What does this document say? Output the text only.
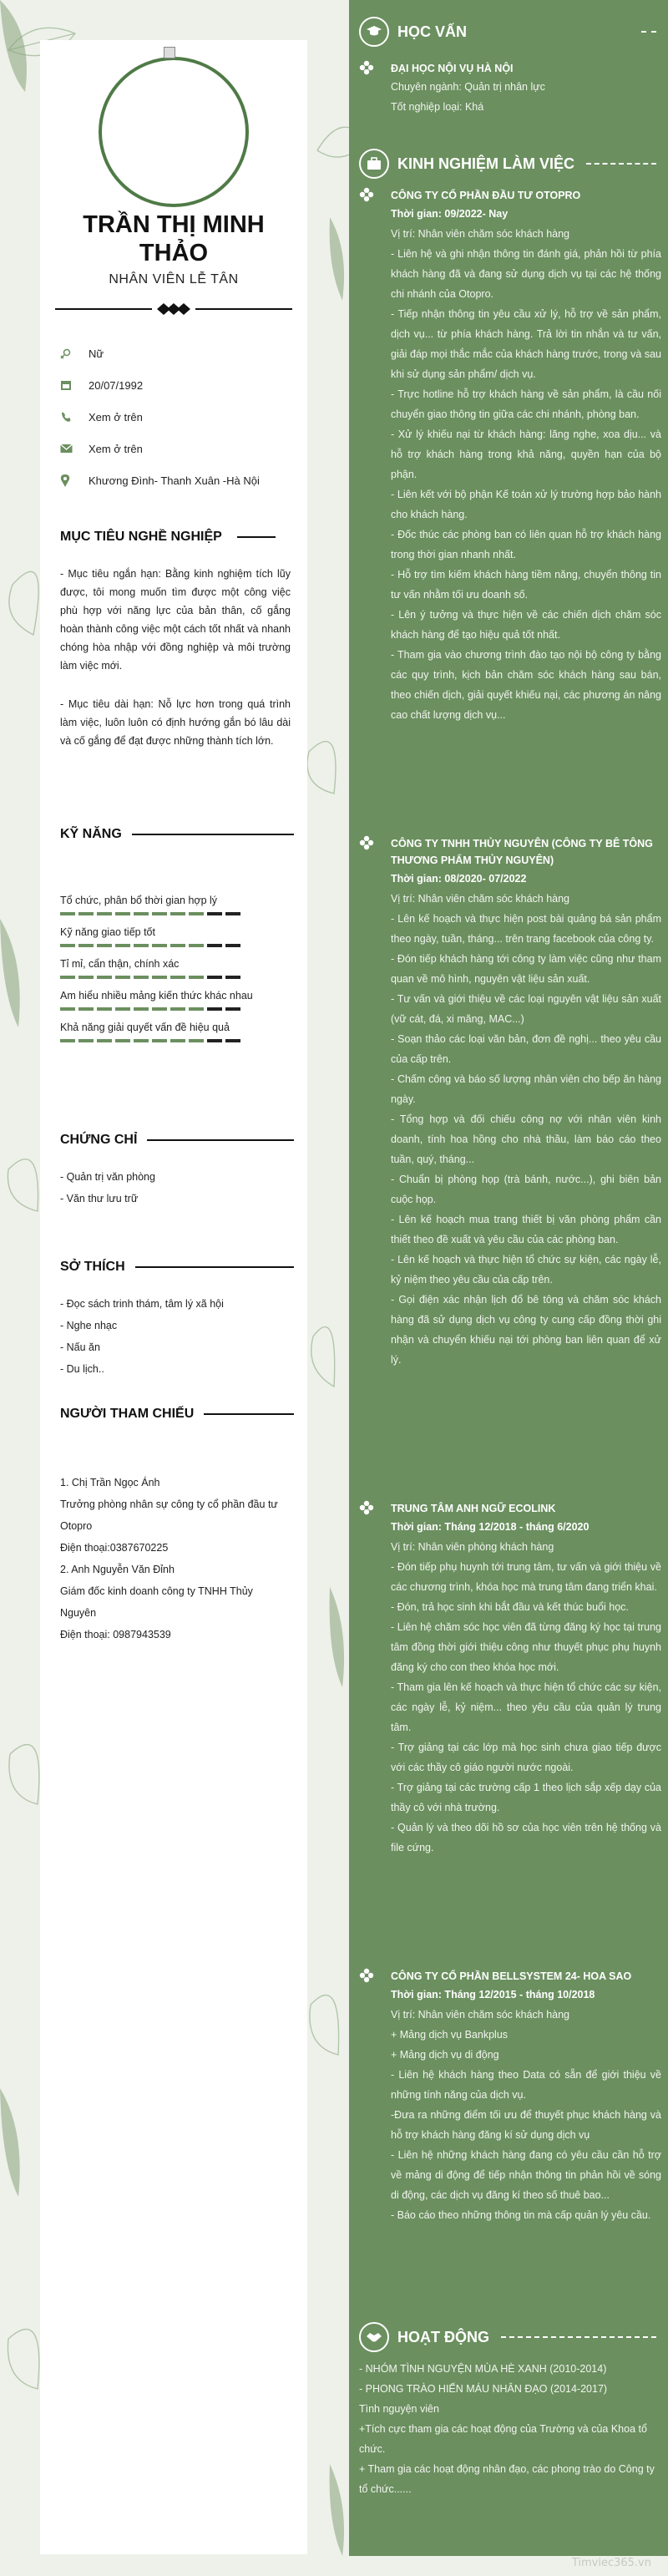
TRẦN THỊ MINH
THẢO
NHÂN VIÊN LỄ TÂN
Nữ
20/07/1992
Xem ở trên
Xem ở trên
Khương Đình- Thanh Xuân -Hà Nội
MỤC TIÊU NGHỀ NGHIỆP
- Mục tiêu ngắn hạn: Bằng kinh nghiệm tích lũy được, tôi mong muốn tìm được một công việc phù hợp với năng lực của bản thân, cố gắng hoàn thành công việc một cách tốt nhất và nhanh chóng hòa nhập với đồng nghiệp và môi trường làm việc mới.
- Mục tiêu dài hạn: Nỗ lực hơn trong quá trình làm việc, luôn luôn có định hướng gắn bó lâu dài và cố gắng để đạt được những thành tích lớn.
KỸ NĂNG
Tổ chức, phân bổ thời gian hợp lý
Kỹ năng giao tiếp tốt
Tỉ mỉ, cẩn thận, chính xác
Am hiểu nhiều mảng kiến thức khác nhau
Khả năng giải quyết vấn đề hiệu quả
CHỨNG CHỈ
- Quản trị văn phòng
- Văn thư lưu trữ
SỞ THÍCH
- Đọc sách trinh thám, tâm lý xã hội
- Nghe nhạc
- Nấu ăn
- Du lịch..
NGƯỜI THAM CHIẾU
1. Chị Trần Ngọc Ánh
Trưởng phòng nhân sự công ty cổ phần đầu tư Otopro
Điện thoại:0387670225
2. Anh Nguyễn Văn Đỉnh
Giám đốc kinh doanh công ty TNHH Thủy Nguyên
Điện thoại: 0987943539
HỌC VẤN
ĐẠI HỌC NỘI VỤ HÀ NỘI
Chuyên ngành: Quản trị nhân lực
Tốt nghiệp loại: Khá
KINH NGHIỆM LÀM VIỆC
CÔNG TY CỔ PHẦN ĐẦU TƯ OTOPRO
Thời gian: 09/2022- Nay
Vị trí: Nhân viên chăm sóc khách hàng
- Liên hệ và ghi nhận thông tin đánh giá, phản hồi từ phía khách hàng đã và đang sử dụng dịch vụ tại các hệ thống chi nhánh của Otopro.
- Tiếp nhận thông tin yêu cầu xử lý, hỗ trợ về sản phẩm, dịch vụ... từ phía khách hàng. Trả lời tin nhắn và tư vấn, giải đáp mọi thắc mắc của khách hàng trước, trong và sau khi sử dụng sản phẩm/ dịch vụ.
- Trực hotline hỗ trợ khách hàng về sản phẩm, là cầu nối chuyển giao thông tin giữa các chi nhánh, phòng ban.
- Xử lý khiếu nại từ khách hàng: lăng nghe, xoa dịu... và hỗ trợ khách hàng trong khả năng, quyền hạn của bộ phận.
- Liên kết với bộ phận Kế toán xử lý trường hợp bảo hành cho khách hàng.
- Đốc thúc các phòng ban có liên quan hỗ trợ khách hàng trong thời gian nhanh nhất.
- Hỗ trợ tìm kiếm khách hàng tiềm năng, chuyển thông tin tư vấn nhằm tối ưu doanh số.
- Lên ý tưởng và thực hiện về các chiến dịch chăm sóc khách hàng để tạo hiệu quả tốt nhất.
- Tham gia vào chương trình đào tạo nội bộ công ty bằng các quy trình, kịch bản chăm sóc khách hàng sau bán, theo chiến dịch, giải quyết khiếu nại, các phương án nâng cao chất lượng dịch vụ...
CÔNG TY TNHH THỦY NGUYÊN (CÔNG TY BÊ TÔNG THƯƠNG PHẨM THỦY NGUYÊN)
Thời gian: 08/2020- 07/2022
Vị trí: Nhân viên chăm sóc khách hàng
- Lên kế hoạch và thực hiện post bài quảng bá sản phẩm theo ngày, tuần, tháng... trên trang facebook của công ty.
- Đón tiếp khách hàng tới công ty làm việc cũng như tham quan về mô hình, nguyên vật liệu sản xuất.
- Tư vấn và giới thiệu về các loại nguyên vật liệu sản xuất (vữ cát, đá, xi măng, MAC...)
- Soạn thảo các loại văn bản, đơn đề nghị... theo yêu cầu của cấp trên.
- Chấm công và báo số lượng nhân viên cho bếp ăn hàng ngày.
- Tổng hợp và đối chiếu công nợ với nhân viên kinh doanh, tính hoa hồng cho nhà thầu, làm báo cáo theo tuần, quý, tháng...
- Chuẩn bị phòng họp (trà bánh, nước...), ghi biên bản cuộc họp.
- Lên kế hoạch mua trang thiết bị văn phòng phẩm cần thiết theo đề xuất và yêu cầu của các phòng ban.
- Lên kế hoạch và thực hiện tổ chức sự kiện, các ngày lễ, kỷ niệm theo yêu cầu của cấp trên.
- Gọi điện xác nhận lịch đổ bê tông và chăm sóc khách hàng đã sử dụng dịch vụ công ty cung cấp đồng thời ghi nhận và chuyển khiếu nại tới phòng ban liên quan để xử lý.
TRUNG TÂM ANH NGỮ ECOLINK
Thời gian: Tháng 12/2018 - tháng 6/2020
Vị trí: Nhân viên phòng khách hàng
- Đón tiếp phụ huynh tới trung tâm, tư vấn và giới thiệu về các chương trình, khóa học mà trung tâm đang triển khai.
- Đón, trả học sinh khi bắt đầu và kết thúc buổi học.
- Liên hệ chăm sóc học viên đã từng đăng ký học tại trung tâm đồng thời giới thiệu công như thuyết phục phụ huynh đăng ký cho con theo khóa học mới.
- Tham gia lên kế hoạch và thực hiện tổ chức các sự kiện, các ngày lễ, kỷ niệm... theo yêu cầu của quản lý trung tâm.
- Trợ giảng tại các lớp mà học sinh chưa giao tiếp được với các thầy cô giáo người nước ngoài.
- Trợ giảng tại các trường cấp 1 theo lịch sắp xếp dạy của thầy cô với nhà trường.
- Quản lý và theo dõi hồ sơ của học viên trên hệ thống và file cứng.
CÔNG TY CỔ PHẦN BELLSYSTEM 24- HOA SAO
Thời gian: Tháng 12/2015 - tháng 10/2018
Vị trí: Nhân viên chăm sóc khách hàng
+ Mảng dịch vụ Bankplus
+ Mảng dịch vụ di động
- Liên hệ khách hàng theo Data có sẵn để giới thiệu về những tính năng của dịch vụ.
-Đưa ra những điểm tối ưu để thuyết phục khách hàng và hỗ trợ khách hàng đăng kí sử dụng dịch vụ
- Liên hệ những khách hàng đang có yêu cầu cần hỗ trợ về mảng di động để tiếp nhận thông tin phản hồi về sóng di động, các dịch vụ đăng kí theo số thuê bao...
- Báo cáo theo những thông tin mà cấp quản lý yêu cầu.
HOẠT ĐỘNG
- NHÓM TÌNH NGUYỆN MÙA HÈ XANH (2010-2014)
- PHONG TRÀO HIẾN MÁU NHÂN ĐẠO (2014-2017)
Tình nguyện viên
+Tích cực tham gia các hoạt động của Trường và của Khoa tổ chức.
+ Tham gia các hoạt động nhân đạo, các phong trào do Công ty tổ chức......
Timviec365.vn
